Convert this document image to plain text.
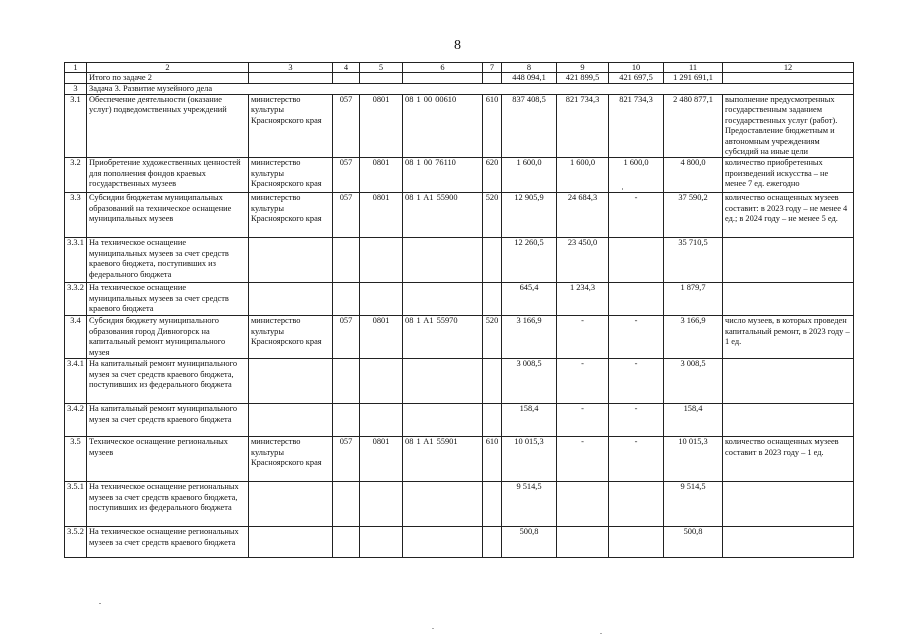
8
1	2	3	4	5	6	7	8	9	10	11	12
	Итого по задаче 2						448 094,1	421 899,5	421 697,5	1 291 691,1	
3	Задача 3. Развитие музейного дела										
3.1	Обеспечение деятельности (оказание услуг) подведомственных учреждений	министерство культуры Красноярского края	057	0801	08 1 00 00610	610	837 408,5	821 734,3	821 734,3	2 480 877,1	выполнение предусмотренных государственным заданием государственных услуг (работ). Предоставление бюджетным и автономным учреждениям субсидий на иные цели
3.2	Приобретение художественных ценностей для пополнения фондов краевых государственных музеев	министерство культуры Красноярского края	057	0801	08 1 00 76110	620	1 600,0	1 600,0	1 600,0	4 800,0	количество приобретенных произведений искусства – не менее 7 ед. ежегодно
3.3	Субсидии бюджетам муниципальных образований на техническое оснащение муниципальных музеев	министерство культуры Красноярского края	057	0801	08 1 A1 55900	520	12 905,9	24 684,3	-	37 590,2	количество оснащенных музеев составит: в 2023 году – не менее 4 ед.; в 2024 году – не менее 5 ед.
3.3.1	На техническое оснащение муниципальных музеев за счет средств краевого бюджета, поступивших из федерального бюджета						12 260,5	23 450,0		35 710,5	
3.3.2	На техническое оснащение муниципальных музеев за счет средств краевого бюджета						645,4	1 234,3		1 879,7	
3.4	Субсидия бюджету муниципального образования город Дивногорск на капитальный ремонт муниципального музея	министерство культуры Красноярского края	057	0801	08 1 A1 55970	520	3 166,9	-	-	3 166,9	число музеев, в которых проведен капитальный ремонт, в 2023 году – 1 ед.
3.4.1	На капитальный ремонт муниципального музея за счет средств краевого бюджета, поступивших из федерального бюджета						3 008,5	-	-	3 008,5	
3.4.2	На капитальный ремонт муниципального музея за счет средств краевого бюджета						158,4	-	-	158,4	
3.5	Техническое оснащение региональных музеев	министерство культуры Красноярского края	057	0801	08 1 A1 55901	610	10 015,3	-	-	10 015,3	количество оснащенных музеев составит в 2023 году – 1 ед.
3.5.1	На техническое оснащение региональных музеев за счет средств краевого бюджета, поступивших из федерального бюджета						9 514,5			9 514,5	
3.5.2	На техническое оснащение региональных музеев за счет средств краевого бюджета						500,8			500,8	
